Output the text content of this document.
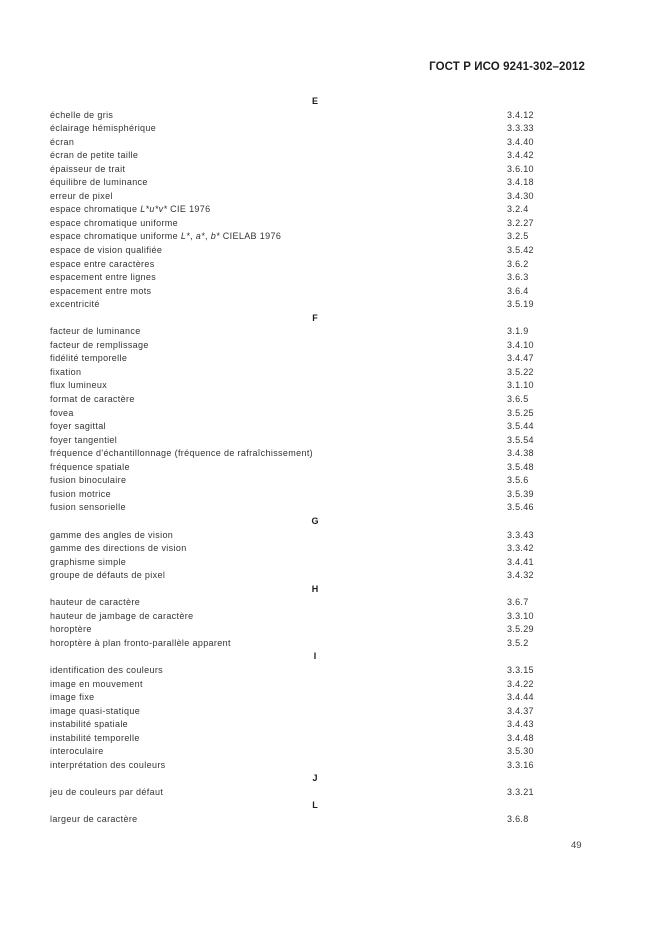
ГОСТ Р ИСО 9241-302–2012
E
échelle de gris	3.4.12
éclairage hémisphérique	3.3.33
écran	3.4.40
écran de petite taille	3.4.42
épaisseur de trait	3.6.10
équilibre de luminance	3.4.18
erreur de pixel	3.4.30
espace chromatique L*u*v* CIE 1976	3.2.4
espace chromatique uniforme	3.2.27
espace chromatique uniforme L*, a*, b* CIELAB 1976	3.2.5
espace de vision qualifiée	3.5.42
espace entre caractères	3.6.2
espacement entre lignes	3.6.3
espacement entre mots	3.6.4
excentricité	3.5.19
F
facteur de luminance	3.1.9
facteur de remplissage	3.4.10
fidélité temporelle	3.4.47
fixation	3.5.22
flux lumineux	3.1.10
format de caractère	3.6.5
fovea	3.5.25
foyer sagittal	3.5.44
foyer tangentiel	3.5.54
fréquence d'échantillonnage (fréquence de rafraîchissement)	3.4.38
fréquence spatiale	3.5.48
fusion binoculaire	3.5.6
fusion motrice	3.5.39
fusion sensorielle	3.5.46
G
gamme des angles de vision	3.3.43
gamme des directions de vision	3.3.42
graphisme simple	3.4.41
groupe de défauts de pixel	3.4.32
H
hauteur de caractère	3.6.7
hauteur de jambage de caractère	3.3.10
horoptère	3.5.29
horoptère à plan fronto-parallèle apparent	3.5.2
I
identification des couleurs	3.3.15
image en mouvement	3.4.22
image fixe	3.4.44
image quasi-statique	3.4.37
instabilité spatiale	3.4.43
instabilité temporelle	3.4.48
interoculaire	3.5.30
interprétation des couleurs	3.3.16
J
jeu de couleurs par défaut	3.3.21
L
largeur de caractère	3.6.8
49
